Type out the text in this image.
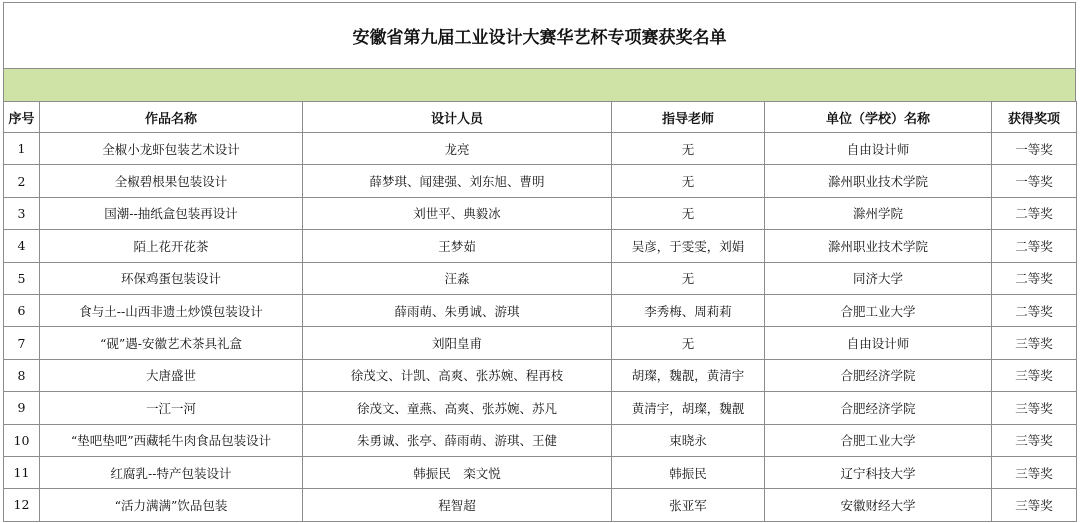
安徽省第九届工业设计大赛华艺杯专项赛获奖名单
序号	作品名称	设计人员	指导老师	单位（学校）名称	获得奖项
1	全椒小龙虾包装艺术设计	龙亮	无	自由设计师	一等奖
2	全椒碧根果包装设计	薛梦琪、闻建强、刘东旭、曹明	无	滁州职业技术学院	一等奖
3	国潮--抽纸盒包装再设计	刘世平、典毅冰	无	滁州学院	二等奖
4	陌上花开花茶	王梦茹	吴彦，于雯雯，刘娟	滁州职业技术学院	二等奖
5	环保鸡蛋包装设计	汪淼	无	同济大学	二等奖
6	食与土--山西非遗土炒馍包装设计	薛雨萌、朱勇诚、游琪	李秀梅、周莉莉	合肥工业大学	二等奖
7	“砚”遇-安徽艺术茶具礼盒	刘阳皇甫	无	自由设计师	三等奖
8	大唐盛世	徐茂文、计凯、高爽、张苏婉、程再枝	胡璨，魏靓，黄清宇	合肥经济学院	三等奖
9	一江一河	徐茂文、童燕、高爽、张苏婉、苏凡	黄清宇，胡璨，魏靓	合肥经济学院	三等奖
10	“垫吧垫吧”西藏牦牛肉食品包装设计	朱勇诚、张亭、薛雨萌、游琪、王健	束晓永	合肥工业大学	三等奖
11	红腐乳--特产包装设计	韩振民　栾文悦	韩振民	辽宁科技大学	三等奖
12	“活力满满”饮品包装	程智超	张亚军	安徽财经大学	三等奖
